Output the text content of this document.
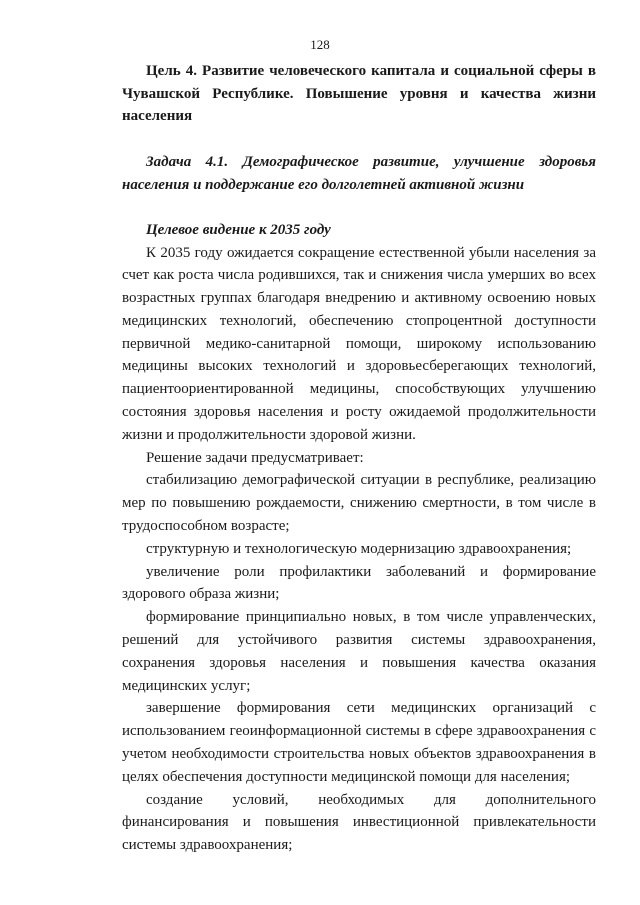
128

Цель 4. Развитие человеческого капитала и социальной сферы в Чувашской Республике. Повышение уровня и качества жизни населения

Задача 4.1. Демографическое развитие, улучшение здоровья населения и поддержание его долголетней активной жизни

Целевое видение к 2035 году

К 2035 году ожидается сокращение естественной убыли населения за счет как роста числа родившихся, так и снижения числа умерших во всех возрастных группах благодаря внедрению и активному освоению новых медицинских технологий, обеспечению стопроцентной доступности первичной медико-санитарной помощи, широкому использованию медицины высоких технологий и здоровьесберегающих технологий, пациентоориентированной медицины, способствующих улучшению состояния здоровья населения и росту ожидаемой продолжительности жизни и продолжительности здоровой жизни.

Решение задачи предусматривает:

стабилизацию демографической ситуации в республике, реализацию мер по повышению рождаемости, снижению смертности, в том числе в трудоспособном возрасте;

структурную и технологическую модернизацию здравоохранения;

увеличение роли профилактики заболеваний и формирование здорового образа жизни;

формирование принципиально новых, в том числе управленческих, решений для устойчивого развития системы здравоохранения, сохранения здоровья населения и повышения качества оказания медицинских услуг;

завершение формирования сети медицинских организаций с использованием геоинформационной системы в сфере здравоохранения с учетом необходимости строительства новых объектов здравоохранения в целях обеспечения доступности медицинской помощи для населения;

создание условий, необходимых для дополнительного финансирования и повышения инвестиционной привлекательности системы здравоохранения;
